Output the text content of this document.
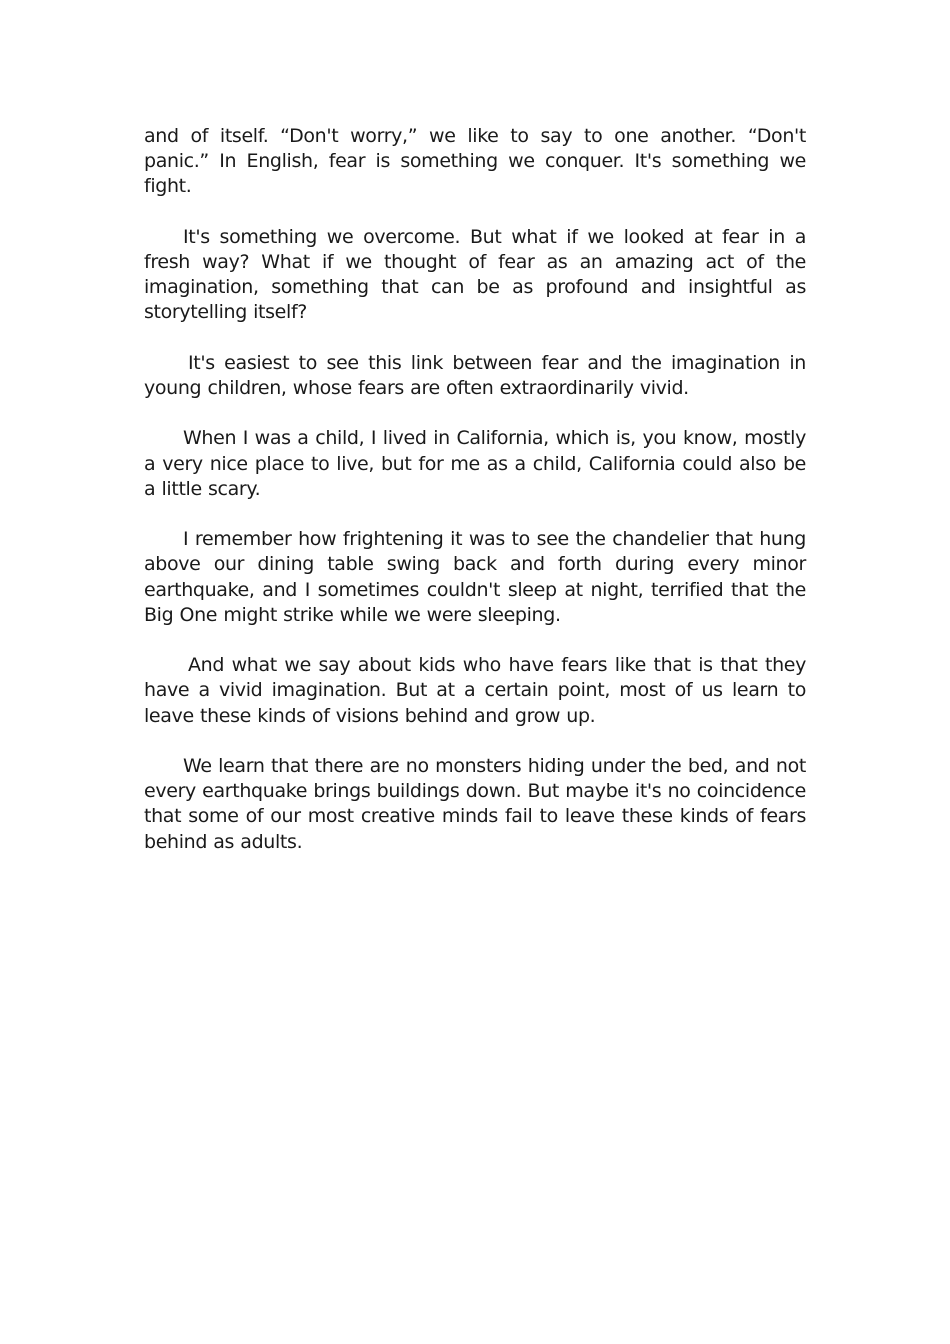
and of itself. “Don't worry,” we like to say to one another. “Don't panic.” In English, fear is something we conquer. It's something we fight.

It's something we overcome. But what if we looked at fear in a fresh way? What if we thought of fear as an amazing act of the imagination, something that can be as profound and insightful as storytelling itself?

It's easiest to see this link between fear and the imagination in young children, whose fears are often extraordinarily vivid.

When I was a child, I lived in California, which is, you know, mostly a very nice place to live, but for me as a child, California could also be a little scary.

I remember how frightening it was to see the chandelier that hung above our dining table swing back and forth during every minor earthquake, and I sometimes couldn't sleep at night, terrified that the Big One might strike while we were sleeping.

And what we say about kids who have fears like that is that they have a vivid imagination. But at a certain point, most of us learn to leave these kinds of visions behind and grow up.

We learn that there are no monsters hiding under the bed, and not every earthquake brings buildings down. But maybe it's no coincidence that some of our most creative minds fail to leave these kinds of fears behind as adults.
